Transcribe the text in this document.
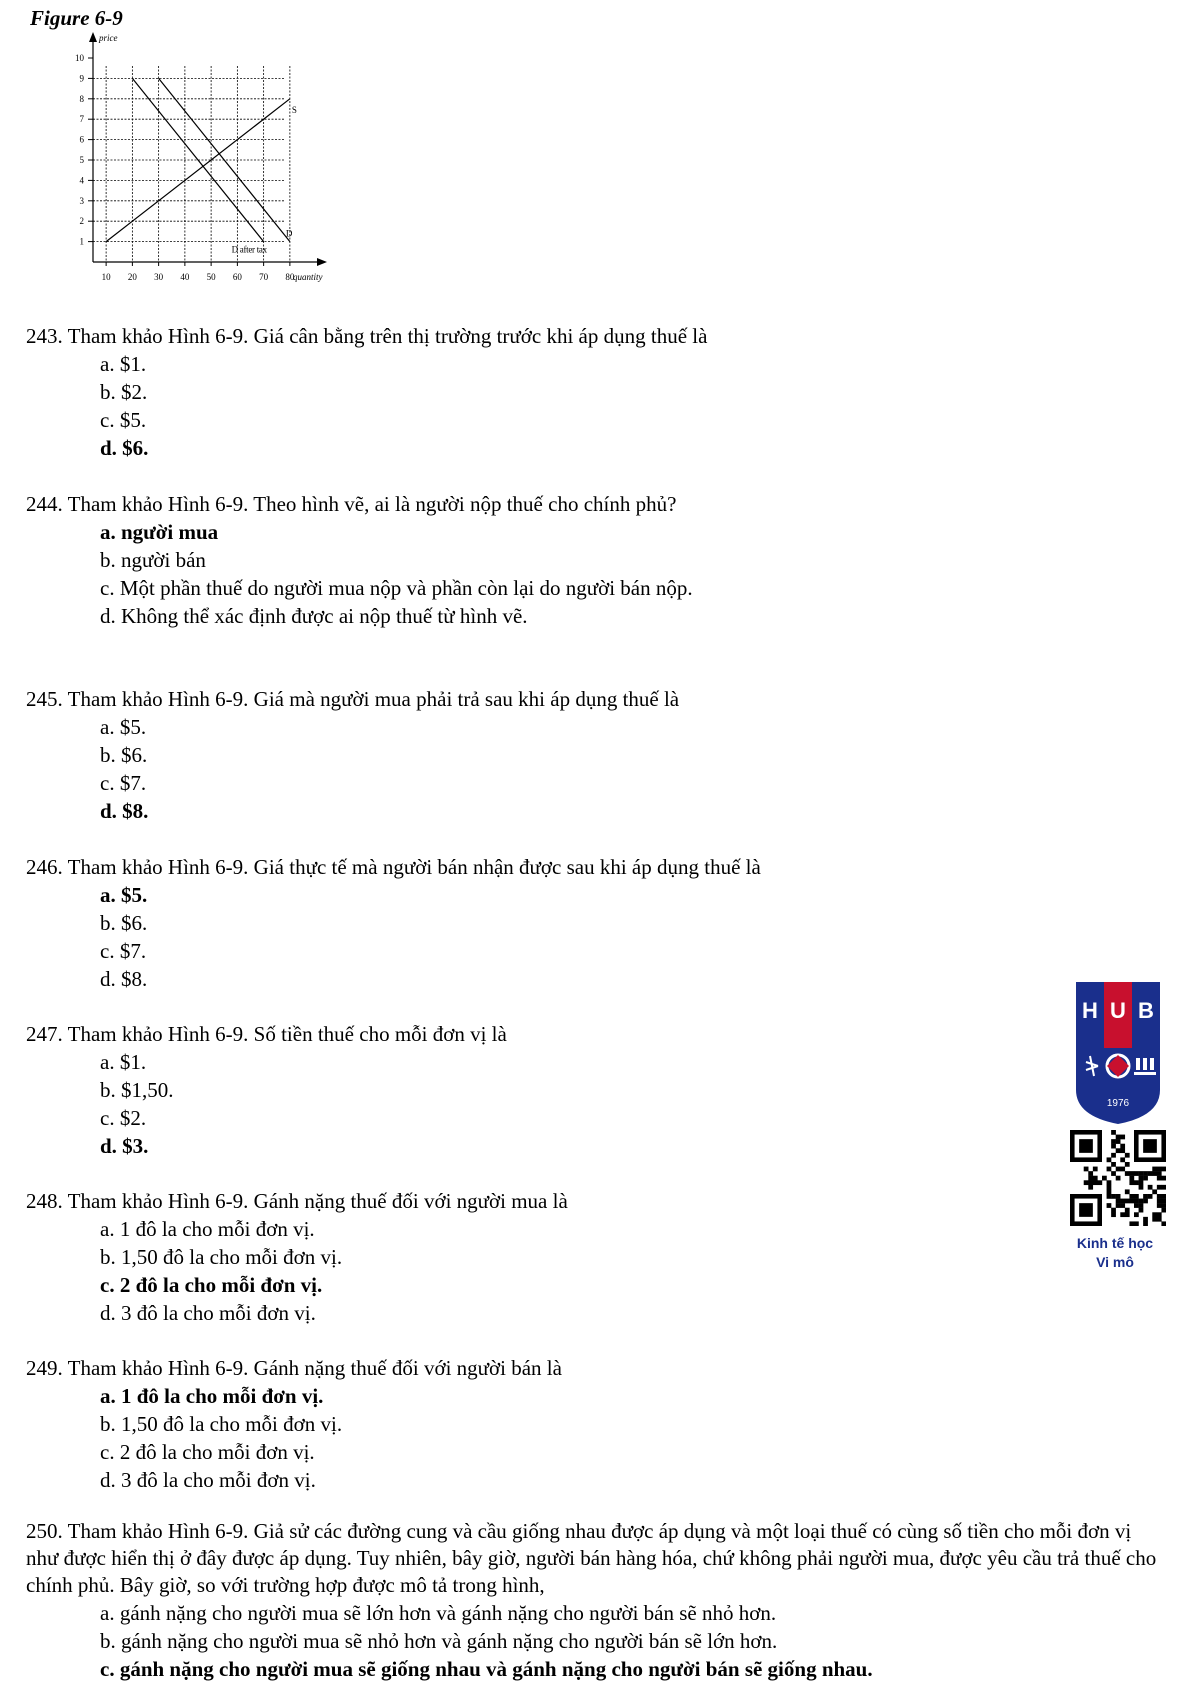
Figure 6-9
1
2
3
4
5
6
7
8
9
10
10 20 30 40 50 60 70 80
price
quantity
S
D
D after tax

243. Tham khảo Hình 6-9. Giá cân bằng trên thị trường trước khi áp dụng thuế là

a. $1.

b. $2.

c. $5.

d. $6.

244. Tham khảo Hình 6-9. Theo hình vẽ, ai là người nộp thuế cho chính phủ?

a. người mua

b. người bán

c. Một phần thuế do người mua nộp và phần còn lại do người bán nộp.

d. Không thể xác định được ai nộp thuế từ hình vẽ.

245. Tham khảo Hình 6-9. Giá mà người mua phải trả sau khi áp dụng thuế là

a. $5.

b. $6.

c. $7.

d. $8.

246. Tham khảo Hình 6-9. Giá thực tế mà người bán nhận được sau khi áp dụng thuế là

a. $5.

b. $6.

c. $7.

d. $8.

247. Tham khảo Hình 6-9. Số tiền thuế cho mỗi đơn vị là

a. $1.

b. $1,50.

c. $2.

d. $3.

248. Tham khảo Hình 6-9. Gánh nặng thuế đối với người mua là

a. 1 đô la cho mỗi đơn vị.

b. 1,50 đô la cho mỗi đơn vị.

c. 2 đô la cho mỗi đơn vị.

d. 3 đô la cho mỗi đơn vị.

249. Tham khảo Hình 6-9. Gánh nặng thuế đối với người bán là

a. 1 đô la cho mỗi đơn vị.

b. 1,50 đô la cho mỗi đơn vị.

c. 2 đô la cho mỗi đơn vị.

d. 3 đô la cho mỗi đơn vị.

250. Tham khảo Hình 6-9. Giả sử các đường cung và cầu giống nhau được áp dụng và một loại thuế có cùng số tiền cho mỗi đơn vị như được hiển thị ở đây được áp dụng. Tuy nhiên, bây giờ, người bán hàng hóa, chứ không phải người mua, được yêu cầu trả thuế cho chính phủ. Bây giờ, so với trường hợp được mô tả trong hình,

a. gánh nặng cho người mua sẽ lớn hơn và gánh nặng cho người bán sẽ nhỏ hơn.

b. gánh nặng cho người mua sẽ nhỏ hơn và gánh nặng cho người bán sẽ lớn hơn.

c. gánh nặng cho người mua sẽ giống nhau và gánh nặng cho người bán sẽ giống nhau.

H U B
1976
Kinh tế học
Vi mô
